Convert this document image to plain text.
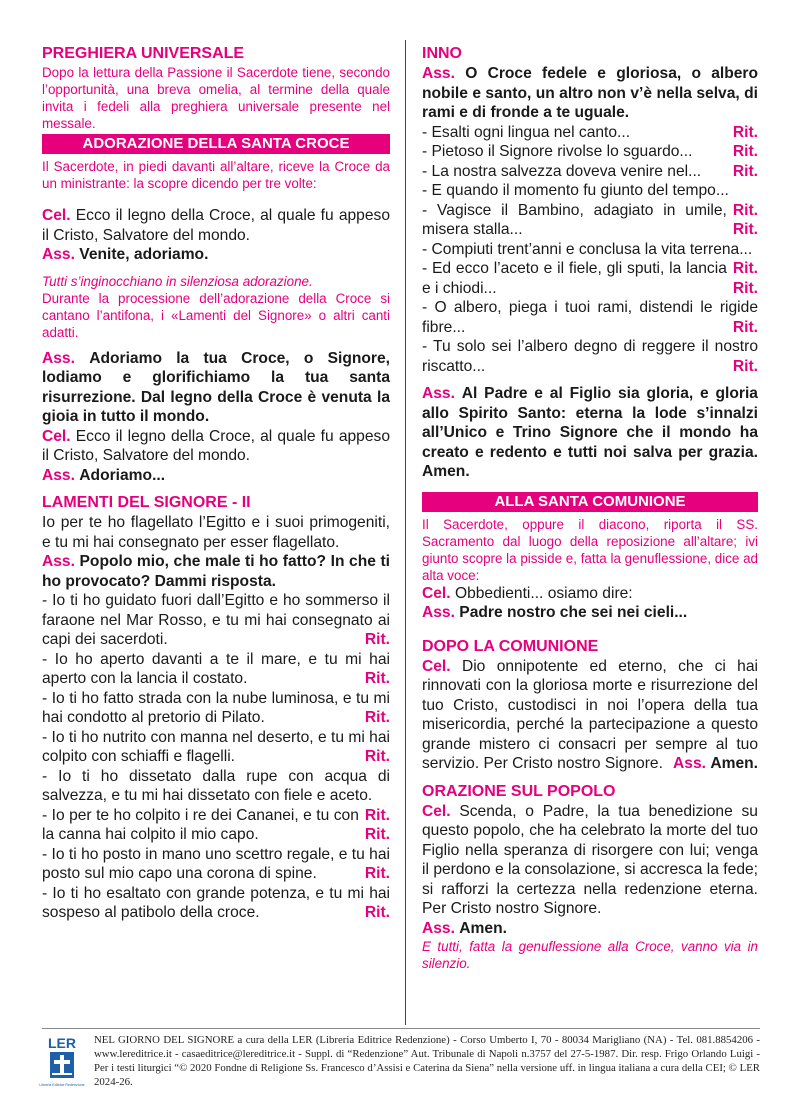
PREGHIERA UNIVERSALE

Dopo la lettura della Passione il Sacerdote tiene, secondo l’opportunità, una breva omelia, al termine della quale invita i fedeli alla preghiera universale presente nel messale.

ADORAZIONE DELLA SANTA CROCE

Il Sacerdote, in piedi davanti all’altare, riceve la Croce da un ministrante: la scopre dicendo per tre volte:

Cel. Ecco il legno della Croce, al quale fu appeso il Cristo, Salvatore del mondo.

Ass. Venite, adoriamo.

Tutti s’inginocchiano in silenziosa adorazione.

Durante la processione dell’adorazione della Croce si cantano l’antifona, i «Lamenti del Signore» o altri canti adatti.

Ass. Adoriamo la tua Croce, o Signore, lodiamo e glorifichiamo la tua santa risurrezione. Dal legno della Croce è venuta la gioia in tutto il mondo.

Cel. Ecco il legno della Croce, al quale fu appeso il Cristo, Salvatore del mondo.

Ass. Adoriamo...

LAMENTI DEL SIGNORE - II

Io per te ho flagellato l’Egitto e i suoi primogeniti, e tu mi hai consegnato per esser flagellato.

Ass. Popolo mio, che male ti ho fatto? In che ti ho provocato? Dammi risposta.

- Io ti ho guidato fuori dall’Egitto e ho sommerso il faraone nel Mar Rosso, e tu mi hai consegnato ai capi dei sacerdoti.	Rit.

- Io ho aperto davanti a te il mare, e tu mi hai aperto con la lancia il costato.	Rit.

- Io ti ho fatto strada con la nube luminosa, e tu mi hai condotto al pretorio di Pilato.	Rit.

- Io ti ho nutrito con manna nel deserto, e tu mi hai colpito con schiaffi e flagelli.	Rit.

- Io ti ho dissetato dalla rupe con acqua di salvezza, e tu mi hai dissetato con fiele e aceto.
Rit.

- Io per te ho colpito i re dei Cananei, e tu con la canna hai colpito il mio capo.	Rit.

- Io ti ho posto in mano uno scettro regale, e tu hai posto sul mio capo una corona di spine.	Rit.

- Io ti ho esaltato con grande potenza, e tu mi hai sospeso al patibolo della croce.	Rit.

INNO

Ass. O Croce fedele e gloriosa, o albero nobile e santo, un altro non v’è nella selva, di rami e di fronde a te uguale.

- Esalti ogni lingua nel canto...	Rit.

- Pietoso il Signore rivolse lo sguardo...	Rit.

- La nostra salvezza doveva venire nel... Rit.

- E quando il momento fu giunto del tempo...
Rit.

- Vagisce il Bambino, adagiato in umile, misera stalla...	Rit.

- Compiuti trent’anni e conclusa la vita terrena...
Rit.

- Ed ecco l’aceto e il fiele, gli sputi, la lancia e i chiodi...	Rit.

- O albero, piega i tuoi rami, distendi le rigide fibre...	Rit.

- Tu solo sei l’albero degno di reggere il nostro riscatto...	Rit.

Ass. Al Padre e al Figlio sia gloria, e gloria allo Spirito Santo: eterna la lode s’innalzi all’Unico e Trino Signore che il mondo ha creato e redento e tutti noi salva per grazia. Amen.

ALLA SANTA COMUNIONE

Il Sacerdote, oppure il diacono, riporta il SS. Sacramento dal luogo della reposizione all’altare; ivi giunto scopre la pisside e, fatta la genuflessione, dice ad alta voce:

Cel. Obbedienti... osiamo dire:

Ass. Padre nostro che sei nei cieli...

DOPO LA COMUNIONE

Cel. Dio onnipotente ed eterno, che ci hai rinnovati con la gloriosa morte e risurrezione del tuo Cristo, custodisci in noi l’opera della tua misericordia, perché la partecipazione a questo grande mistero ci consacri per sempre al tuo servizio. Per Cristo nostro Signore. Ass. Amen.

ORAZIONE SUL POPOLO

Cel. Scenda, o Padre, la tua benedizione su questo popolo, che ha celebrato la morte del tuo Figlio nella speranza di risorgere con lui; venga il perdono e la consolazione, si accresca la fede; si rafforzi la certezza nella redenzione eterna. Per Cristo nostro Signore.

Ass. Amen.

E tutti, fatta la genuflessione alla Croce, vanno via in silenzio.

LER
Libreria Editrice Redenzione
NEL GIORNO DEL SIGNORE a cura della LER (Libreria Editrice Redenzione) - Corso Umberto I, 70 - 80034 Marigliano (NA) - Tel. 081.8854206 - www.lereditrice.it - casaeditrice@lereditrice.it - Suppl. di “Redenzione” Aut. Tribunale di Napoli n.3757 del 27-5-1987. Dir. resp. Frigo Orlando Luigi - Per i testi liturgici “© 2020 Fondne di Religione Ss. Francesco d’Assisi e Caterina da Siena” nella versione uff. in lingua italiana a cura della CEI; © LER 2024-26.
